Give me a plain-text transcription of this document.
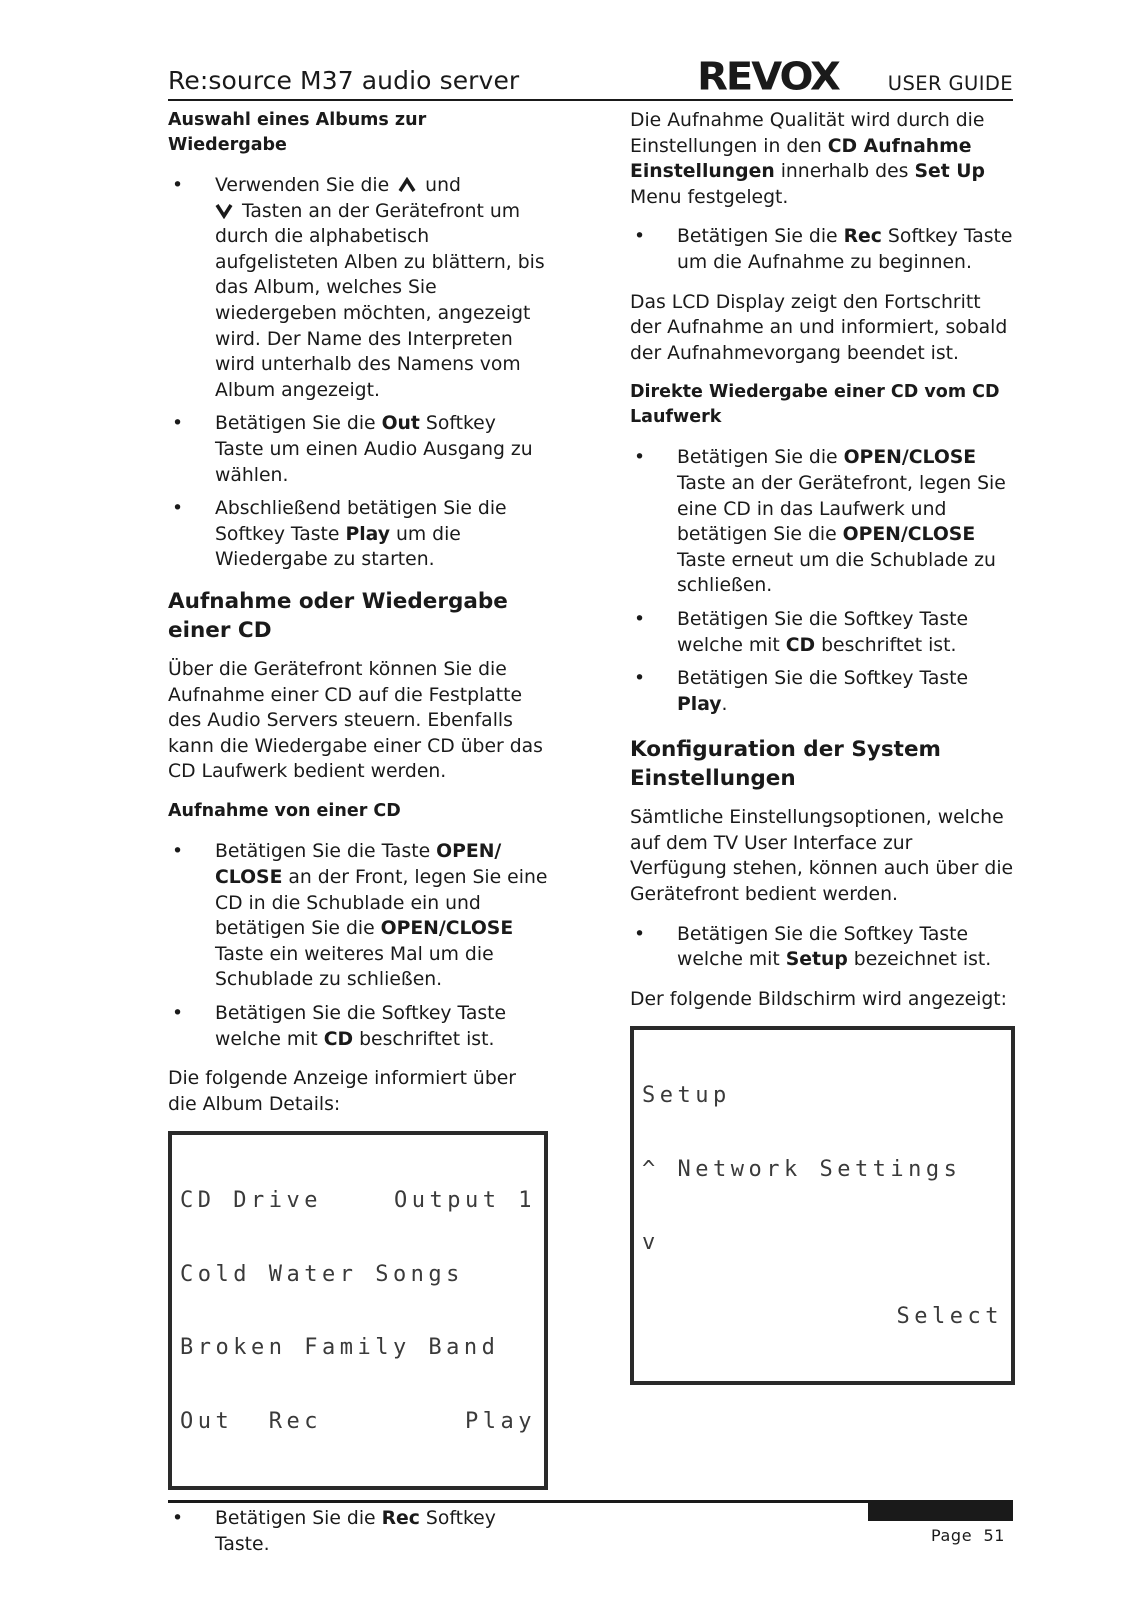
Re:source M37 audio server	REVOX	USER GUIDE
Auswahl eines Albums zur Wiedergabe
• Verwenden Sie die und
Tasten an der Gerätefront um durch die alphabetisch aufgelisteten Alben zu blättern, bis das Album, welches Sie wiedergeben möchten, angezeigt wird. Der Name des Interpreten wird unterhalb des Namens vom Album angezeigt.
• Betätigen Sie die Out Softkey Taste um einen Audio Ausgang zu wählen.
• Abschließend betätigen Sie die Softkey Taste Play um die Wiedergabe zu starten.
Aufnahme oder Wiedergabe einer CD

Über die Gerätefront können Sie die Aufnahme einer CD auf die Festplatte des Audio Servers steuern. Ebenfalls kann die Wiedergabe einer CD über das CD Laufwerk bedient werden.

Aufnahme von einer CD
• Betätigen Sie die Taste OPEN/ CLOSE an der Front, legen Sie eine CD in die Schublade ein und betätigen Sie die OPEN/CLOSE Taste ein weiteres Mal um die Schublade zu schließen.
• Betätigen Sie die Softkey Taste welche mit CD beschriftet ist.

Die folgende Anzeige informiert über die Album Details:

CD Drive	Output 1

Cold Water Songs

Broken Family Band

Out  Rec	Play

• Betätigen Sie die Rec Softkey Taste.

Die Aufnahme Qualität wird durch die Einstellungen in den CD Aufnahme Einstellungen innerhalb des Set Up Menu festgelegt.

• Betätigen Sie die Rec Softkey Taste um die Aufnahme zu beginnen.

Das LCD Display zeigt den Fortschritt der Aufnahme an und informiert, sobald der Aufnahmevorgang beendet ist.

Direkte Wiedergabe einer CD vom CD Laufwerk
• Betätigen Sie die OPEN/CLOSE Taste an der Gerätefront, legen Sie eine CD in das Laufwerk und betätigen Sie die OPEN/CLOSE Taste erneut um die Schublade zu schließen.
• Betätigen Sie die Softkey Taste welche mit CD beschriftet ist.
• Betätigen Sie die Softkey Taste Play.
Konfiguration der System Einstellungen

Sämtliche Einstellungsoptionen, welche auf dem TV User Interface zur Verfügung stehen, können auch über die Gerätefront bedient werden.

• Betätigen Sie die Softkey Taste welche mit Setup bezeichnet ist.

Der folgende Bildschirm wird angezeigt:

Setup

^ Network Settings

v

Select

Page 51
